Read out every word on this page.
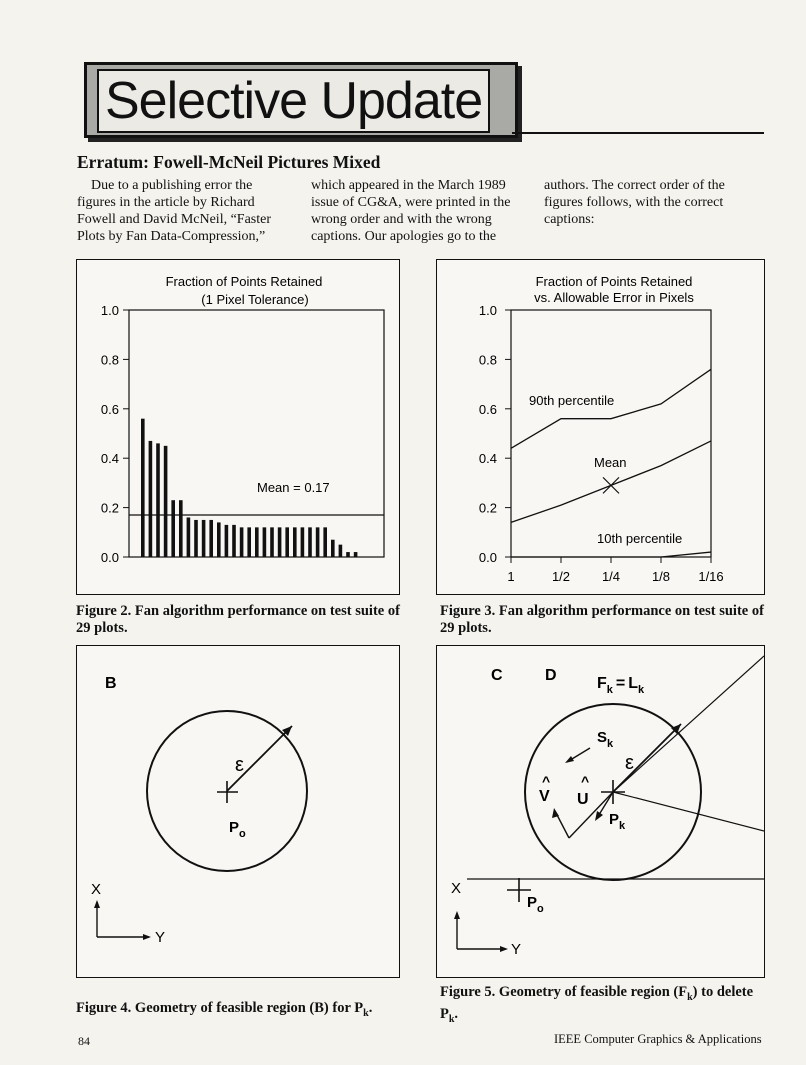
Selective Update
Erratum: Fowell-McNeil Pictures Mixed
Due to a publishing error the figures in the article by Richard Fowell and David McNeil, “Faster Plots by Fan Data-Compression,”
which appeared in the March 1989 issue of CG&A, were printed in the wrong order and with the wrong captions. Our apologies go to the
authors. The correct order of the figures follows, with the correct captions:
Fraction of Points Retained
(1 Pixel Tolerance)
0.0
0.2
0.4
0.6
0.8
1.0
Mean = 0.17
Fraction of Points Retained
vs. Allowable Error in Pixels
0.0
0.2
0.4
0.6
0.8
1.0
1	1/2 1/4 1/8 1/16
90th percentile
Mean
10th percentile
Figure 2. Fan algorithm performance on test suite of 29 plots.
Figure 3. Fan algorithm performance on test suite of 29 plots.
B
ε
$P_o$
X
Y
C	D	$F_k = L_k$
ε
$S_k$
^
V
^
U
$P_k$
$P_o$
X
Y
Figure 4. Geometry of feasible region (B) for $P_k$.
Figure 5. Geometry of feasible region $(F_k)$ to delete
$P_k$.
84	IEEE Computer Graphics & Applications
